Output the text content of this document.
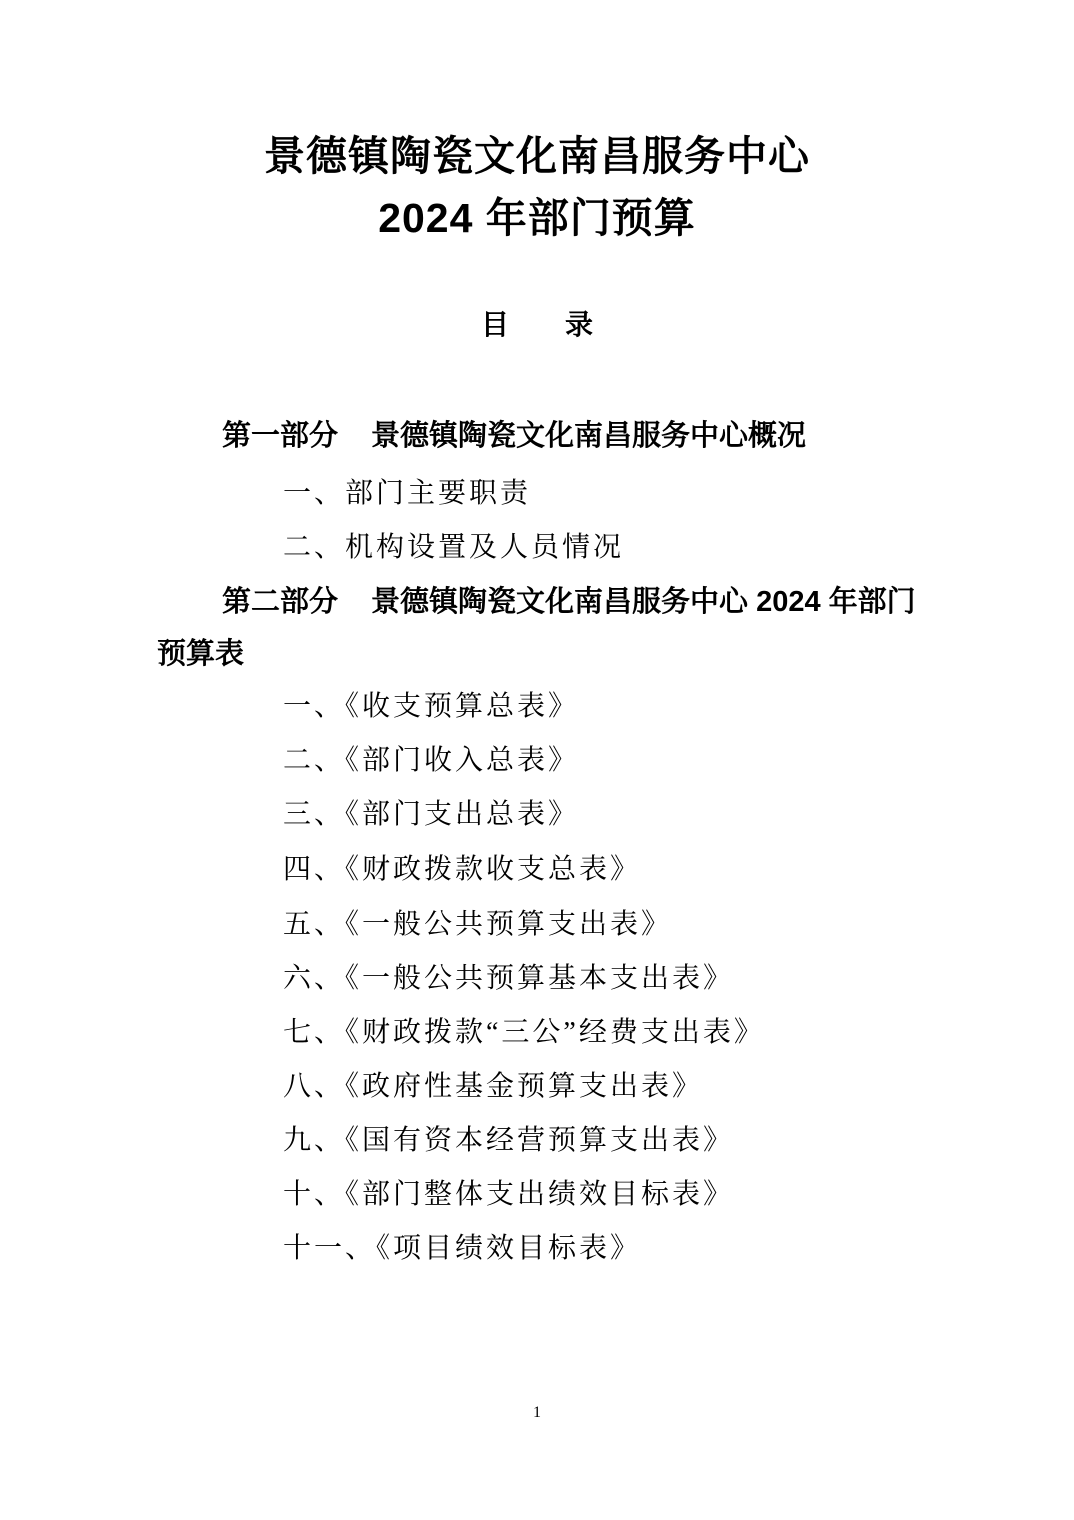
景德镇陶瓷文化南昌服务中心
2024 年部门预算
目　　录
第一部分 景德镇陶瓷文化南昌服务中心概况
一、部门主要职责
二、机构设置及人员情况
第二部分 景德镇陶瓷文化南昌服务中心 2024 年部门
预算表
一、《收支预算总表》
二、《部门收入总表》
三、《部门支出总表》
四、《财政拨款收支总表》
五、《一般公共预算支出表》
六、《一般公共预算基本支出表》
七、《财政拨款“三公”经费支出表》
八、《政府性基金预算支出表》
九、《国有资本经营预算支出表》
十、《部门整体支出绩效目标表》
十一、《项目绩效目标表》
1
